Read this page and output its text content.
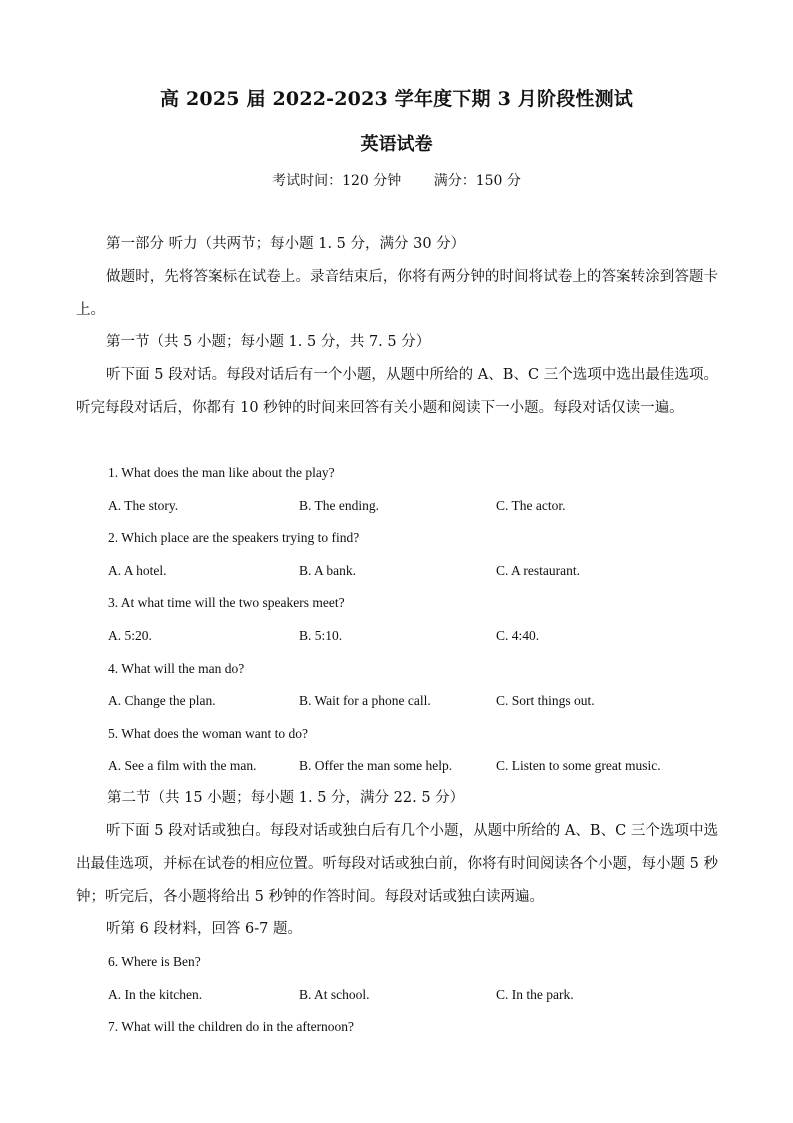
高 2025 届 2022-2023 学年度下期 3 月阶段性测试
英语试卷
考试时间：120 分钟 满分：150 分
第一部分 听力（共两节；每小题 1. 5 分，满分 30 分）
做题时，先将答案标在试卷上。录音结束后，你将有两分钟的时间将试卷上的答案转涂到答题卡上。
第一节（共 5 小题；每小题 1. 5 分，共 7. 5 分）
听下面 5 段对话。每段对话后有一个小题，从题中所给的 A、B、C 三个选项中选出最佳选项。听完每段对话后，你都有 10 秒钟的时间来回答有关小题和阅读下一小题。每段对话仅读一遍。
1. What does the man like about the play?
A. The story.	B. The ending.	C. The actor.
2. Which place are the speakers trying to find?
A. A hotel.	B. A bank.	C. A restaurant.
3. At what time will the two speakers meet?
A. 5:20.	B. 5:10.	C. 4:40.
4. What will the man do?
A. Change the plan.	B. Wait for a phone call.	C. Sort things out.
5. What does the woman want to do?
A. See a film with the man.	B. Offer the man some help.	C. Listen to some great music.
第二节（共 15 小题；每小题 1. 5 分，满分 22. 5 分）
听下面 5 段对话或独白。每段对话或独白后有几个小题，从题中所给的 A、B、C 三个选项中选出最佳选项，并标在试卷的相应位置。听每段对话或独白前，你将有时间阅读各个小题，每小题 5 秒钟；听完后，各小题将给出 5 秒钟的作答时间。每段对话或独白读两遍。
听第 6 段材料，回答 6-7 题。
6. Where is Ben?
A. In the kitchen.	B. At school.	C. In the park.
7. What will the children do in the afternoon?
